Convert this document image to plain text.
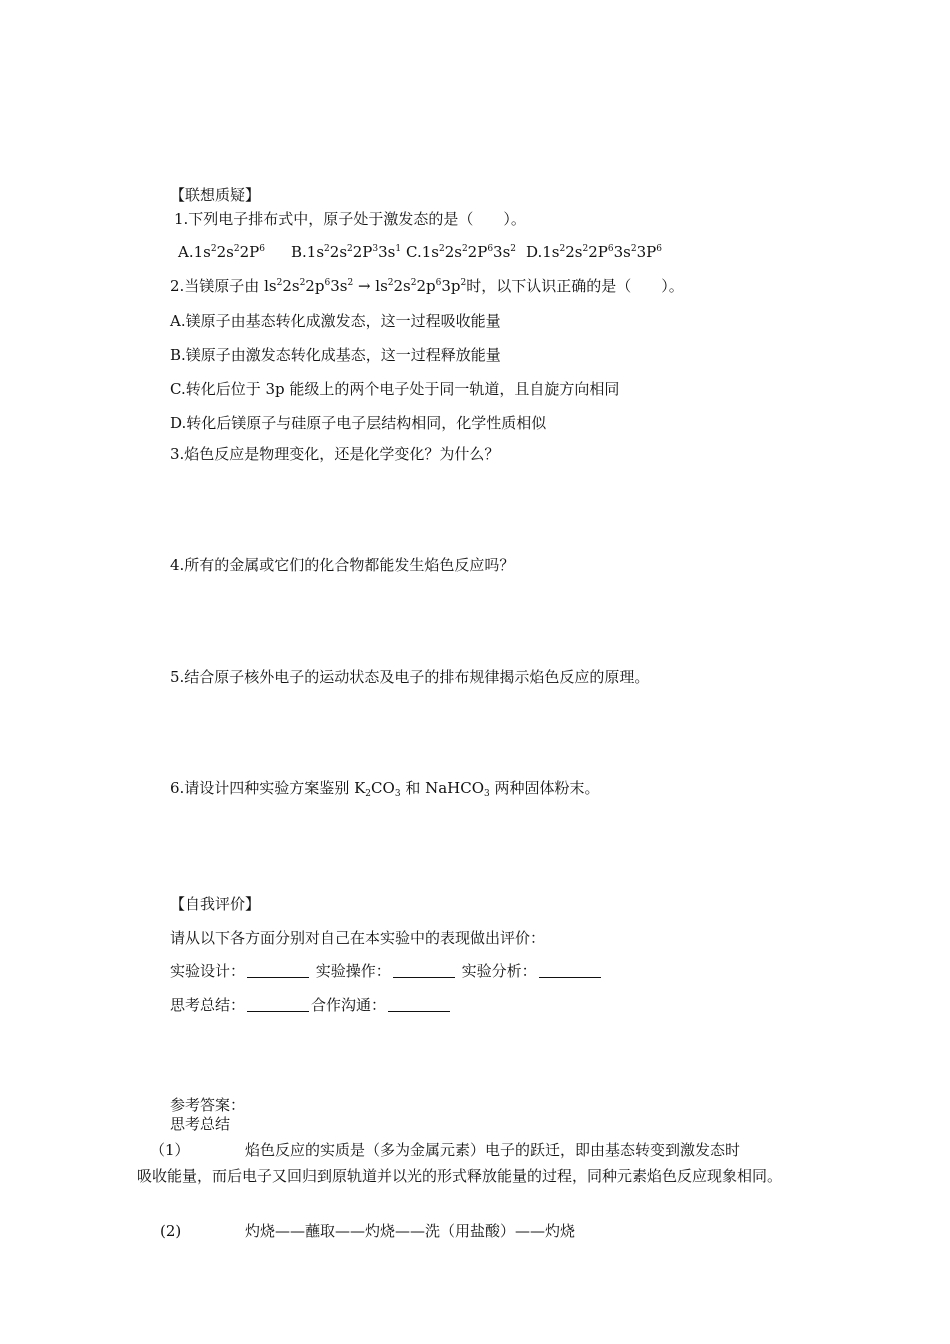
【联想质疑】
1.下列电子排布式中，原子处于激发态的是（　　）。
$A.1s^22s^22P^6$ $B.1s^22s^22P^33s^1$ $C.1s^22s^22P^63s^2$ $D.1s^22s^22P^63s^23P^6$
2.当镁原子由 $ls^22s^22p^63s^2 \to ls^22s^22p^63p^2$时，以下认识正确的是（　　）。
A.镁原子由基态转化成激发态，这一过程吸收能量
B.镁原子由激发态转化成基态，这一过程释放能量
C.转化后位于 3p 能级上的两个电子处于同一轨道，且自旋方向相同
D.转化后镁原子与硅原子电子层结构相同，化学性质相似
3.焰色反应是物理变化，还是化学变化？为什么？
4.所有的金属或它们的化合物都能发生焰色反应吗？
5.结合原子核外电子的运动状态及电子的排布规律揭示焰色反应的原理。
6.请设计四种实验方案鉴别 $K_2CO_3$ 和 NaHCO$_3$ 两种固体粉末。
【自我评价】
请从以下各方面分别对自己在本实验中的表现做出评价：
实验设计：	实验操作：	实验分析：
思考总结：	合作沟通：
参考答案：
思考总结
（1）	焰色反应的实质是（多为金属元素）电子的跃迁，即由基态转变到激发态时
吸收能量，而后电子又回归到原轨道并以光的形式释放能量的过程，同种元素焰色反应现象相同。
(2)	灼烧——蘸取——灼烧——洗（用盐酸）——灼烧
